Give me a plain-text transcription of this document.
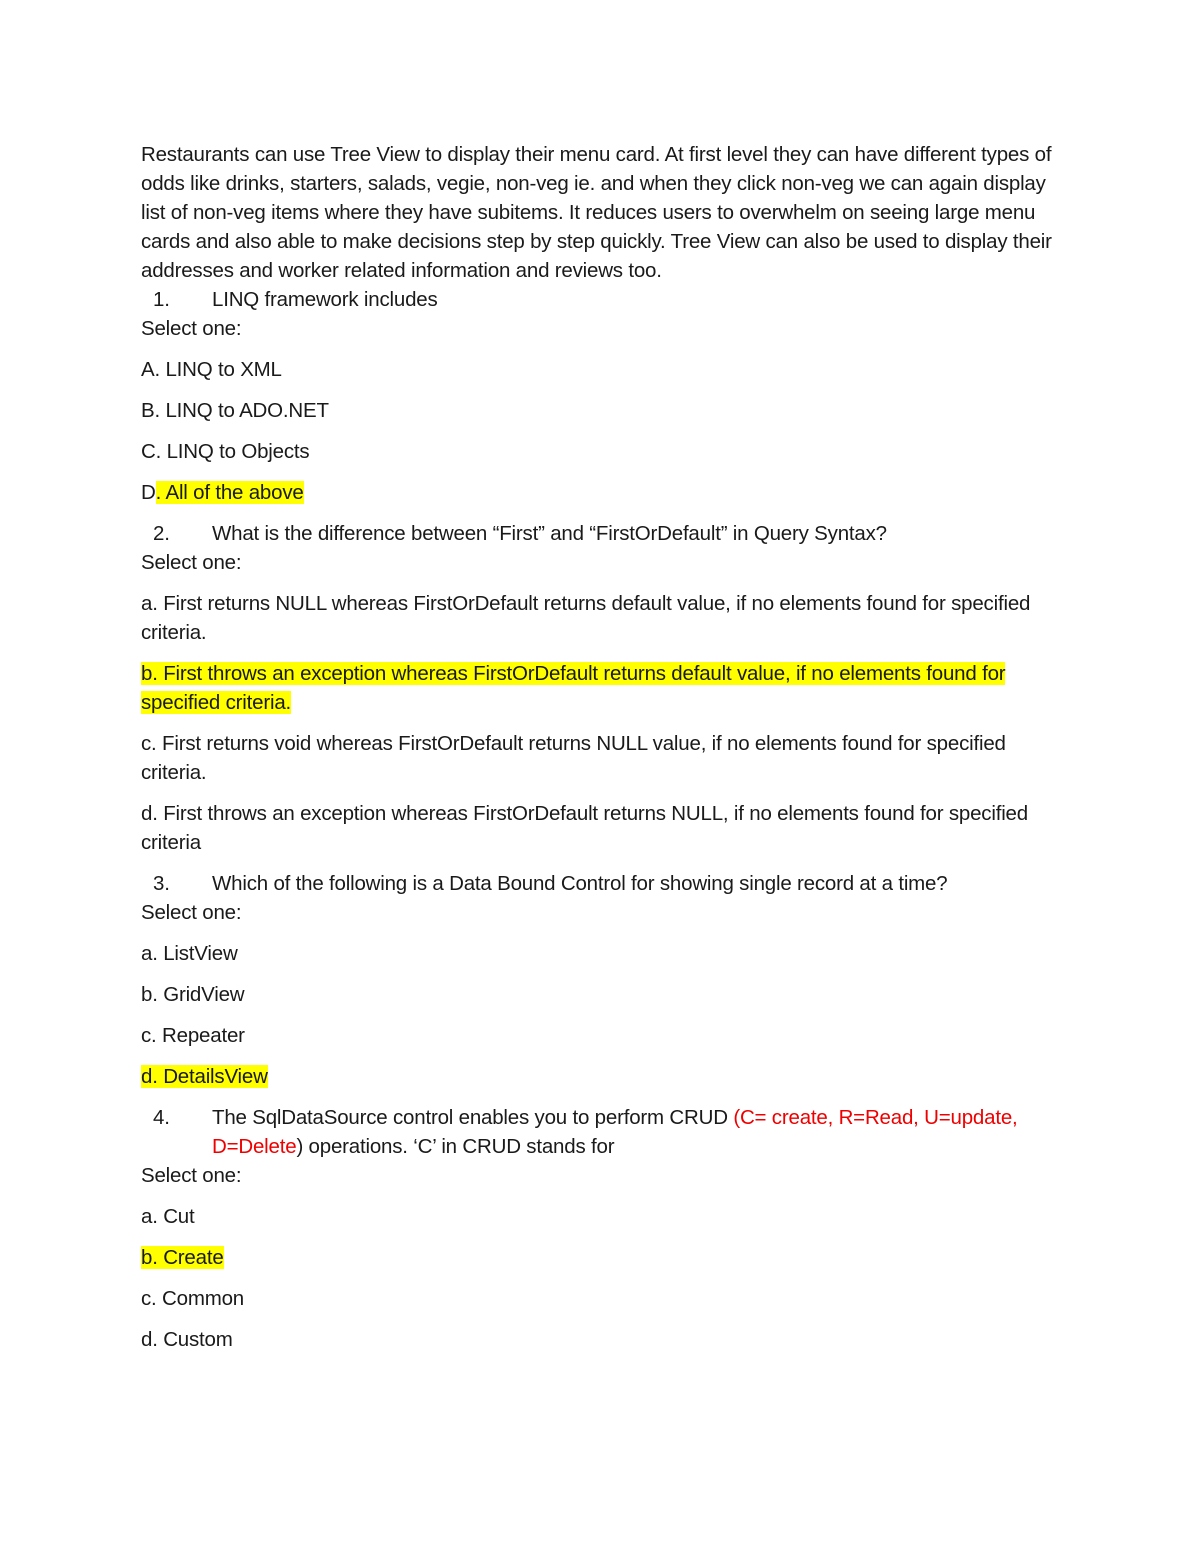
Restaurants can use Tree View to display their menu card. At first level they can have different types of odds like drinks, starters, salads, vegie, non-veg ie. and when they click non-veg we can again display list of non-veg items where they have subitems. It reduces users to overwhelm on seeing large menu cards and also able to make decisions step by step quickly. Tree View can also be used to display their addresses and worker related information and reviews too.

1. LINQ framework includes

Select one:

A. LINQ to XML

B. LINQ to ADO.NET

C. LINQ to Objects

D. All of the above

2. What is the difference between “First” and “FirstOrDefault” in Query Syntax?

Select one:

a. First returns NULL whereas FirstOrDefault returns default value, if no elements found for specified criteria.

b. First throws an exception whereas FirstOrDefault returns default value, if no elements found for specified criteria.

c. First returns void whereas FirstOrDefault returns NULL value, if no elements found for specified criteria.

d. First throws an exception whereas FirstOrDefault returns NULL, if no elements found for specified criteria

3. Which of the following is a Data Bound Control for showing single record at a time?

Select one:

a. ListView

b. GridView

c. Repeater

d. DetailsView

4. The SqlDataSource control enables you to perform CRUD (C= create, R=Read, U=update, D=Delete) operations. ‘C’ in CRUD stands for

Select one:

a. Cut

b. Create

c. Common

d. Custom
